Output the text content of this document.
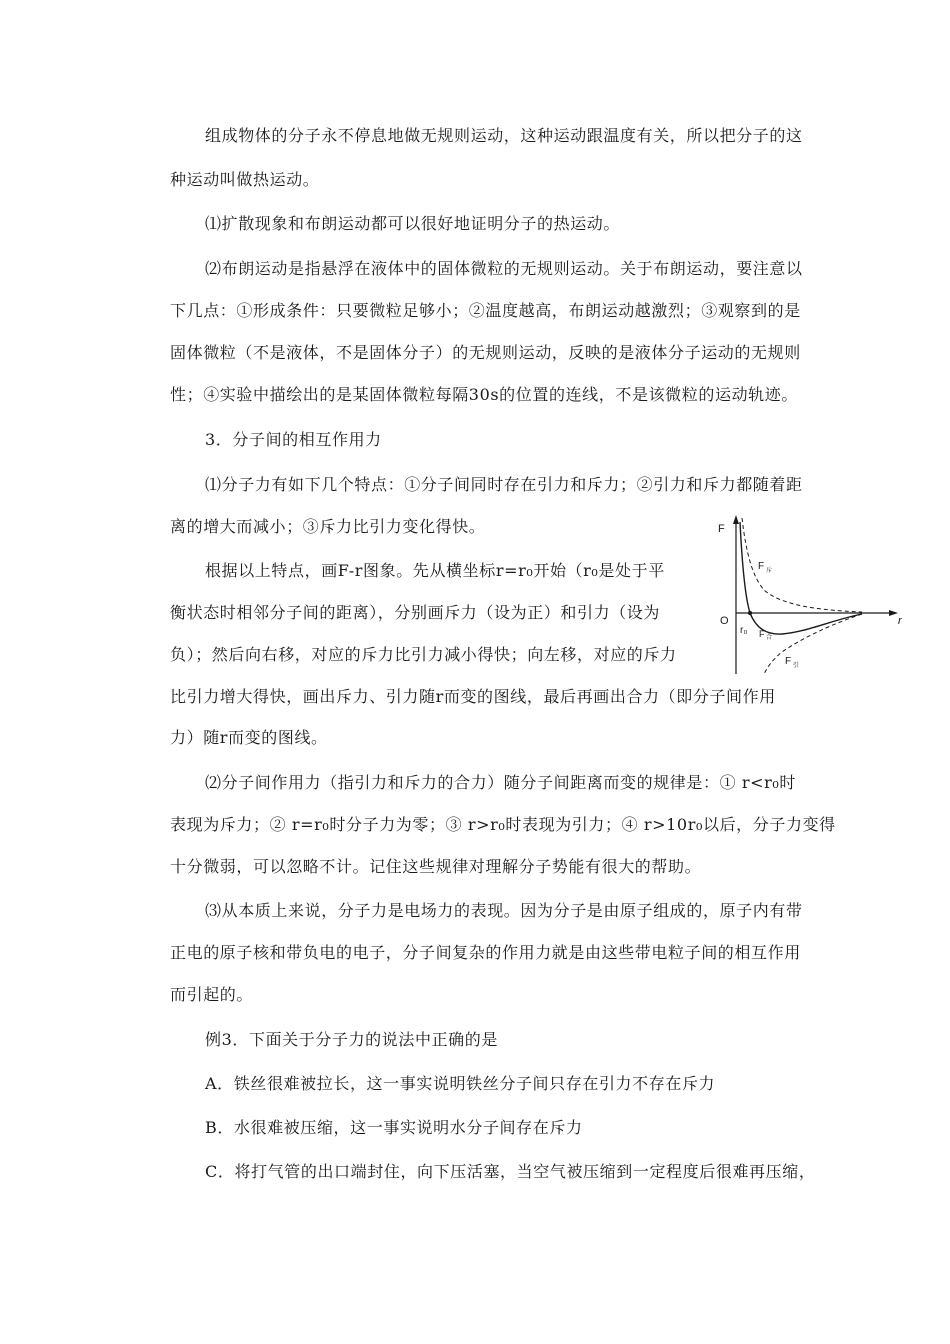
组成物体的分子永不停息地做无规则运动，这种运动跟温度有关，所以把分子的这
种运动叫做热运动。
⑴扩散现象和布朗运动都可以很好地证明分子的热运动。
⑵布朗运动是指悬浮在液体中的固体微粒的无规则运动。关于布朗运动，要注意以
下几点：①形成条件：只要微粒足够小；②温度越高，布朗运动越激烈；③观察到的是
固体微粒（不是液体，不是固体分子）的无规则运动，反映的是液体分子运动的无规则
性；④实验中描绘出的是某固体微粒每隔30s的位置的连线，不是该微粒的运动轨迹。
3．分子间的相互作用力
⑴分子力有如下几个特点：①分子间同时存在引力和斥力；②引力和斥力都随着距
离的增大而减小；③斥力比引力变化得快。
根据以上特点，画F-r图象。先从横坐标r=r₀开始（r₀是处于平
衡状态时相邻分子间的距离），分别画斥力（设为正）和引力（设为
负）；然后向右移，对应的斥力比引力减小得快；向左移，对应的斥力
比引力增大得快，画出斥力、引力随r而变的图线，最后再画出合力（即分子间作用
力）随r而变的图线。
⑵分子间作用力（指引力和斥力的合力）随分子间距离而变的规律是：① r<r₀时
表现为斥力；② r=r₀时分子力为零；③ r>r₀时表现为引力；④ r>10r₀以后，分子力变得
十分微弱，可以忽略不计。记住这些规律对理解分子势能有很大的帮助。
⑶从本质上来说，分子力是电场力的表现。因为分子是由原子组成的，原子内有带
正电的原子核和带负电的电子，分子间复杂的作用力就是由这些带电粒子间的相互作用
而引起的。
例3．下面关于分子力的说法中正确的是
A．铁丝很难被拉长，这一事实说明铁丝分子间只存在引力不存在斥力
B．水很难被压缩，这一事实说明水分子间存在斥力
C．将打气管的出口端封住，向下压活塞，当空气被压缩到一定程度后很难再压缩，
F
r
O
r₀
F 斥
F 合
F 引
